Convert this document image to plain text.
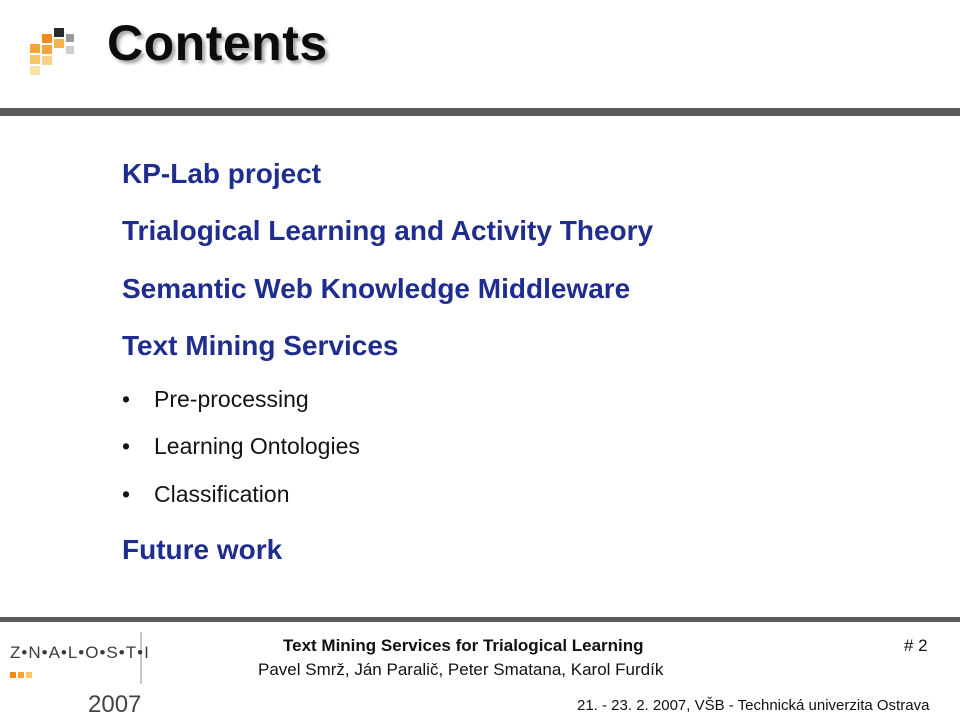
Contents
KP-Lab project
Trialogical Learning and Activity Theory
Semantic Web Knowledge Middleware
Text Mining Services
• Pre-processing
• Learning Ontologies
• Classification
Future work
Z•N•A•L•O•S•T•I
2007
Text Mining Services for Trialogical Learning	# 2
Pavel Smrž, Ján Paralič, Peter Smatana, Karol Furdík
21. - 23. 2. 2007, VŠB - Technická univerzita Ostrava
